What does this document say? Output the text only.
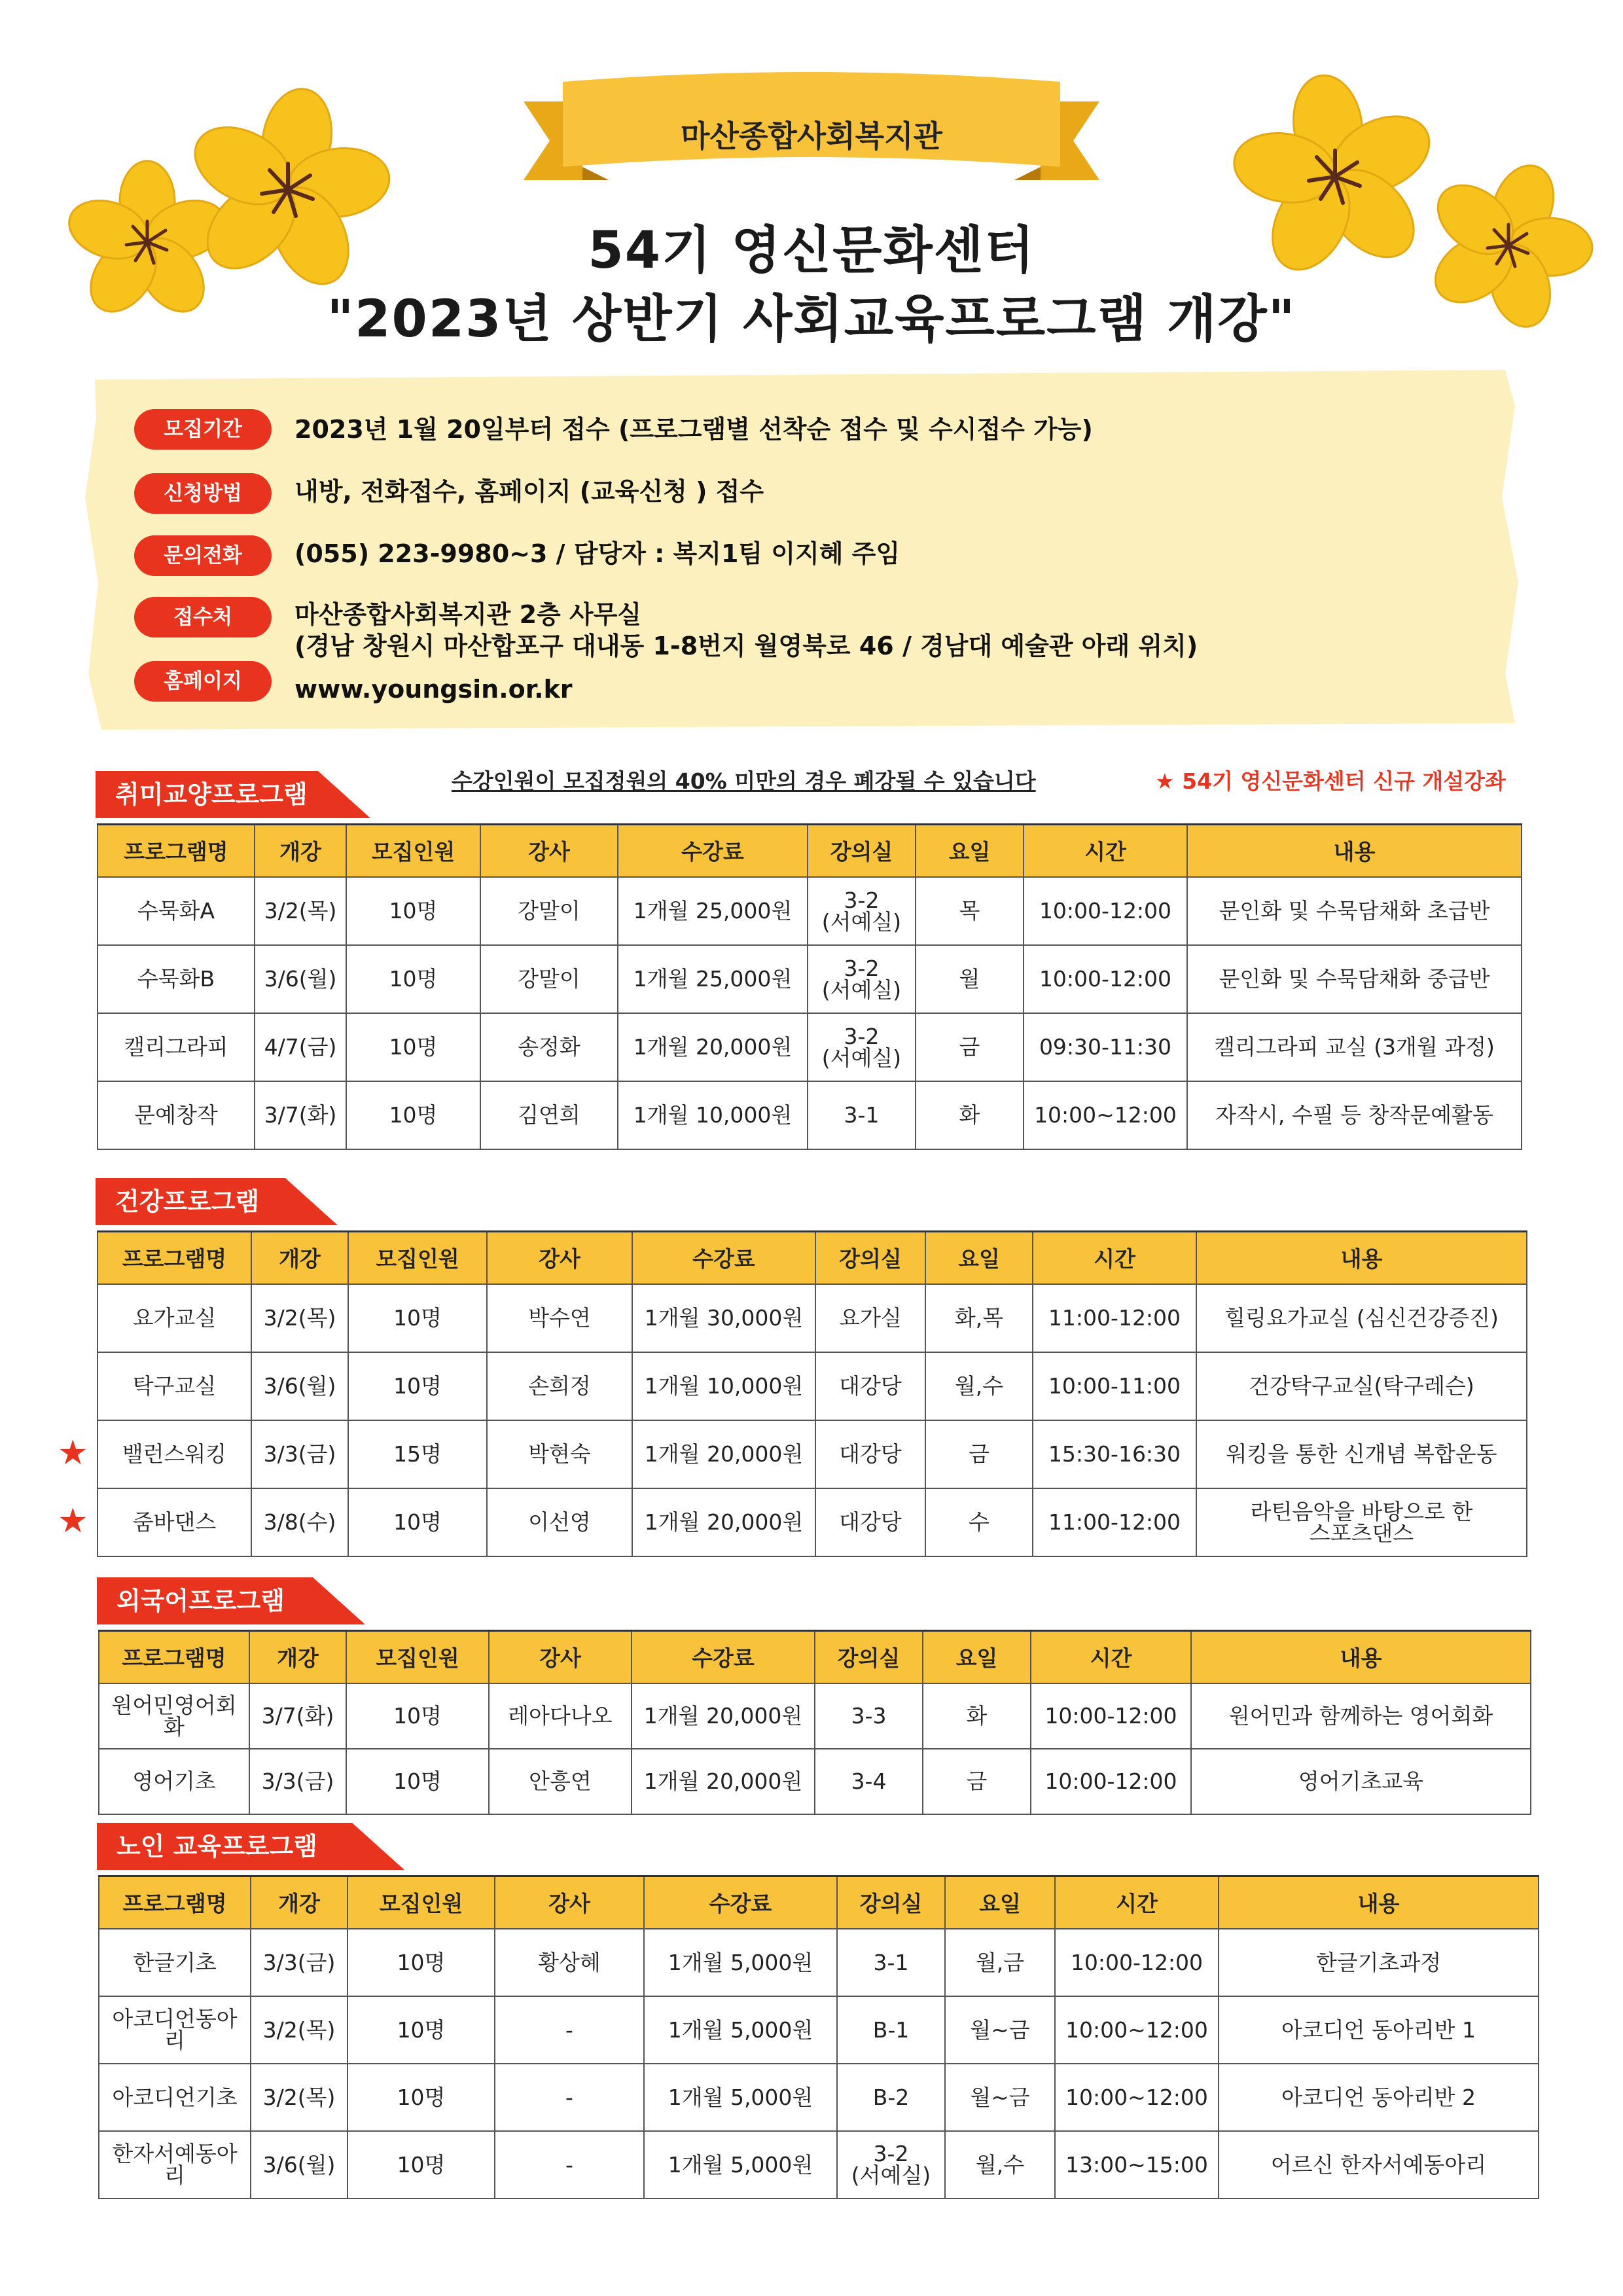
마산종합사회복지관
54기 영신문화센터
"2023년 상반기 사회교육프로그램 개강"
모집기간	2023년 1월 20일부터 접수 (프로그램별 선착순 접수 및 수시접수 가능)
신청방법	내방, 전화접수, 홈페이지 (교육신청 ) 접수
문의전화	(055) 223-9980~3 / 담당자 : 복지1팀 이지혜 주임
접수처	마산종합사회복지관 2층 사무실
(경남 창원시 마산합포구 대내동 1-8번지 월영북로 46 / 경남대 예술관 아래 위치)
홈페이지	www.youngsin.or.kr
수강인원이 모집정원의 40% 미만의 경우 폐강될 수 있습니다	★ 54기 영신문화센터 신규 개설강좌
취미교양프로그램
프로그램명	개강	모집인원	강사	수강료	강의실	요일	시간	내용
수묵화A	3/2(목)	10명	강말이	1개월 25,000원	3-2
(서예실)	목	10:00-12:00	문인화 및 수묵담채화 초급반
수묵화B	3/6(월)	10명	강말이	1개월 25,000원	3-2
(서예실)	월	10:00-12:00	문인화 및 수묵담채화 중급반
캘리그라피	4/7(금)	10명	송정화	1개월 20,000원	3-2
(서예실)	금	09:30-11:30	캘리그라피 교실 (3개월 과정)
문예창작	3/7(화)	10명	김연희	1개월 10,000원	3-1	화	10:00~12:00	자작시, 수필 등 창작문예활동
건강프로그램
★
★
프로그램명	개강	모집인원	강사	수강료	강의실	요일	시간	내용
요가교실	3/2(목)	10명	박수연	1개월 30,000원	요가실	화,목	11:00-12:00	힐링요가교실 (심신건강증진)
탁구교실	3/6(월)	10명	손희정	1개월 10,000원	대강당	월,수	10:00-11:00	건강탁구교실(탁구레슨)
밸런스워킹	3/3(금)	15명	박현숙	1개월 20,000원	대강당	금	15:30-16:30	워킹을 통한 신개념 복합운동
줌바댄스	3/8(수)	10명	이선영	1개월 20,000원	대강당	수	11:00-12:00	라틴음악을 바탕으로 한
스포츠댄스
외국어프로그램
프로그램명	개강	모집인원	강사	수강료	강의실	요일	시간	내용
원어민영어회화	3/7(화)	10명	레아다나오	1개월 20,000원	3-3	화	10:00-12:00	원어민과 함께하는 영어회화
영어기초	3/3(금)	10명	안흥연	1개월 20,000원	3-4	금	10:00-12:00	영어기초교육
노인 교육프로그램
프로그램명	개강	모집인원	강사	수강료	강의실	요일	시간	내용
한글기초	3/3(금)	10명	황상혜	1개월 5,000원	3-1	월,금	10:00-12:00	한글기초과정
아코디언동아리	3/2(목)	10명	-	1개월 5,000원	B-1	월~금	10:00~12:00	아코디언 동아리반 1
아코디언기초	3/2(목)	10명	-	1개월 5,000원	B-2	월~금	10:00~12:00	아코디언 동아리반 2
한자서예동아리	3/6(월)	10명	-	1개월 5,000원	3-2
(서예실)	월,수	13:00~15:00	어르신 한자서예동아리
